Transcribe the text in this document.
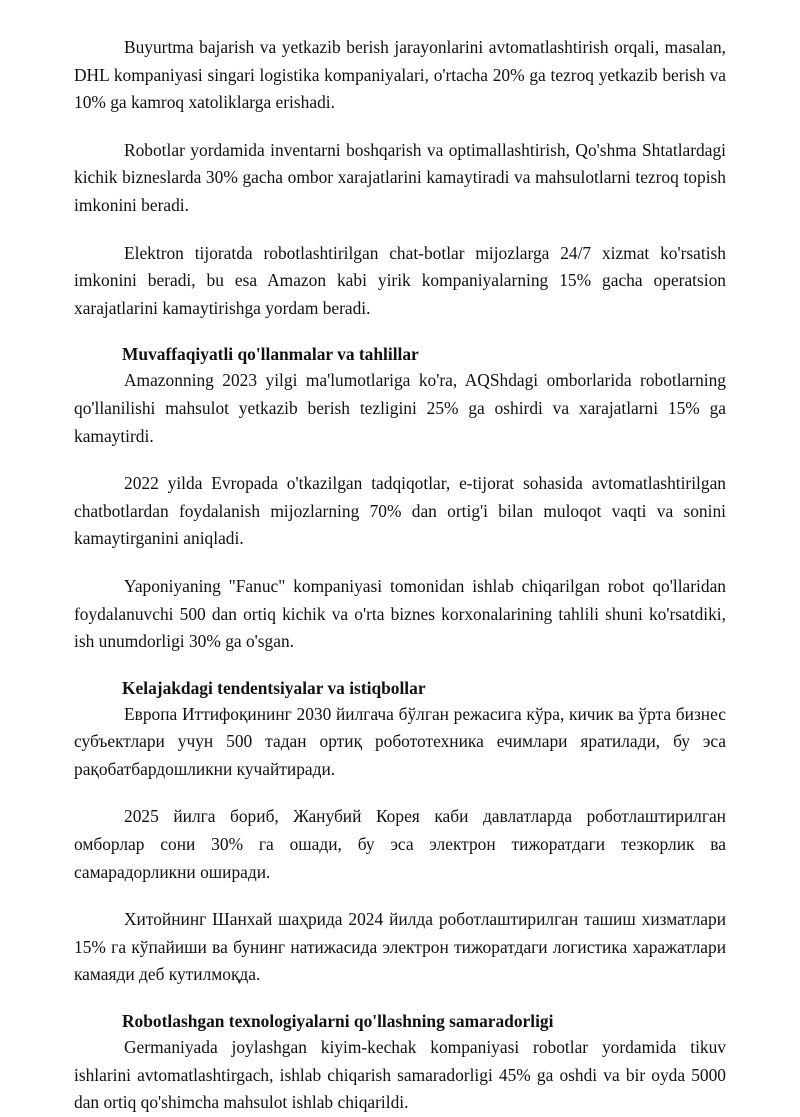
Buyurtma bajarish va yetkazib berish jarayonlarini avtomatlashtirish orqali, masalan, DHL kompaniyasi singari logistika kompaniyalari, o'rtacha 20% ga tezroq yetkazib berish va 10% ga kamroq xatoliklarga erishadi.

Robotlar yordamida inventarni boshqarish va optimallashtirish, Qo'shma Shtatlardagi kichik bizneslarda 30% gacha ombor xarajatlarini kamaytiradi va mahsulotlarni tezroq topish imkonini beradi.

Elektron tijoratda robotlashtirilgan chat-botlar mijozlarga 24/7 xizmat ko'rsatish imkonini beradi, bu esa Amazon kabi yirik kompaniyalarning 15% gacha operatsion xarajatlarini kamaytirishga yordam beradi.

Muvaffaqiyatli qo'llanmalar va tahlillar

Amazonning 2023 yilgi ma'lumotlariga ko'ra, AQShdagi omborlarida robotlarning qo'llanilishi mahsulot yetkazib berish tezligini 25% ga oshirdi va xarajatlarni 15% ga kamaytirdi.

2022 yilda Evropada o'tkazilgan tadqiqotlar, e-tijorat sohasida avtomatlashtirilgan chatbotlardan foydalanish mijozlarning 70% dan ortig'i bilan muloqot vaqti va sonini kamaytirganini aniqladi.

Yaponiyaning "Fanuc" kompaniyasi tomonidan ishlab chiqarilgan robot qo'llaridan foydalanuvchi 500 dan ortiq kichik va o'rta biznes korxonalarining tahlili shuni ko'rsatdiki, ish unumdorligi 30% ga o'sgan.

Kelajakdagi tendentsiyalar va istiqbollar

Европа Иттифоқининг 2030 йилгача бўлган режасига кўра, кичик ва ўрта бизнес субъектлари учун 500 тадан ортиқ робототехника ечимлари яратилади, бу эса рақобатбардошликни кучайтиради.

2025 йилга бориб, Жанубий Корея каби давлатларда роботлаштирилган омборлар сони 30% га ошади, бу эса электрон тижоратдаги тезкорлик ва самарадорликни оширади.

Хитойнинг Шанхай шаҳрида 2024 йилда роботлаштирилган ташиш хизматлари 15% га кўпайиши ва бунинг натижасида электрон тижоратдаги логистика харажатлари камаяди деб кутилмоқда.

Robotlashgan texnologiyalarni qo'llashning samaradorligi

Germaniyada joylashgan kiyim-kechak kompaniyasi robotlar yordamida tikuv ishlarini avtomatlashtirgach, ishlab chiqarish samaradorligi 45% ga oshdi va bir oyda 5000 dan ortiq qo'shimcha mahsulot ishlab chiqarildi.
